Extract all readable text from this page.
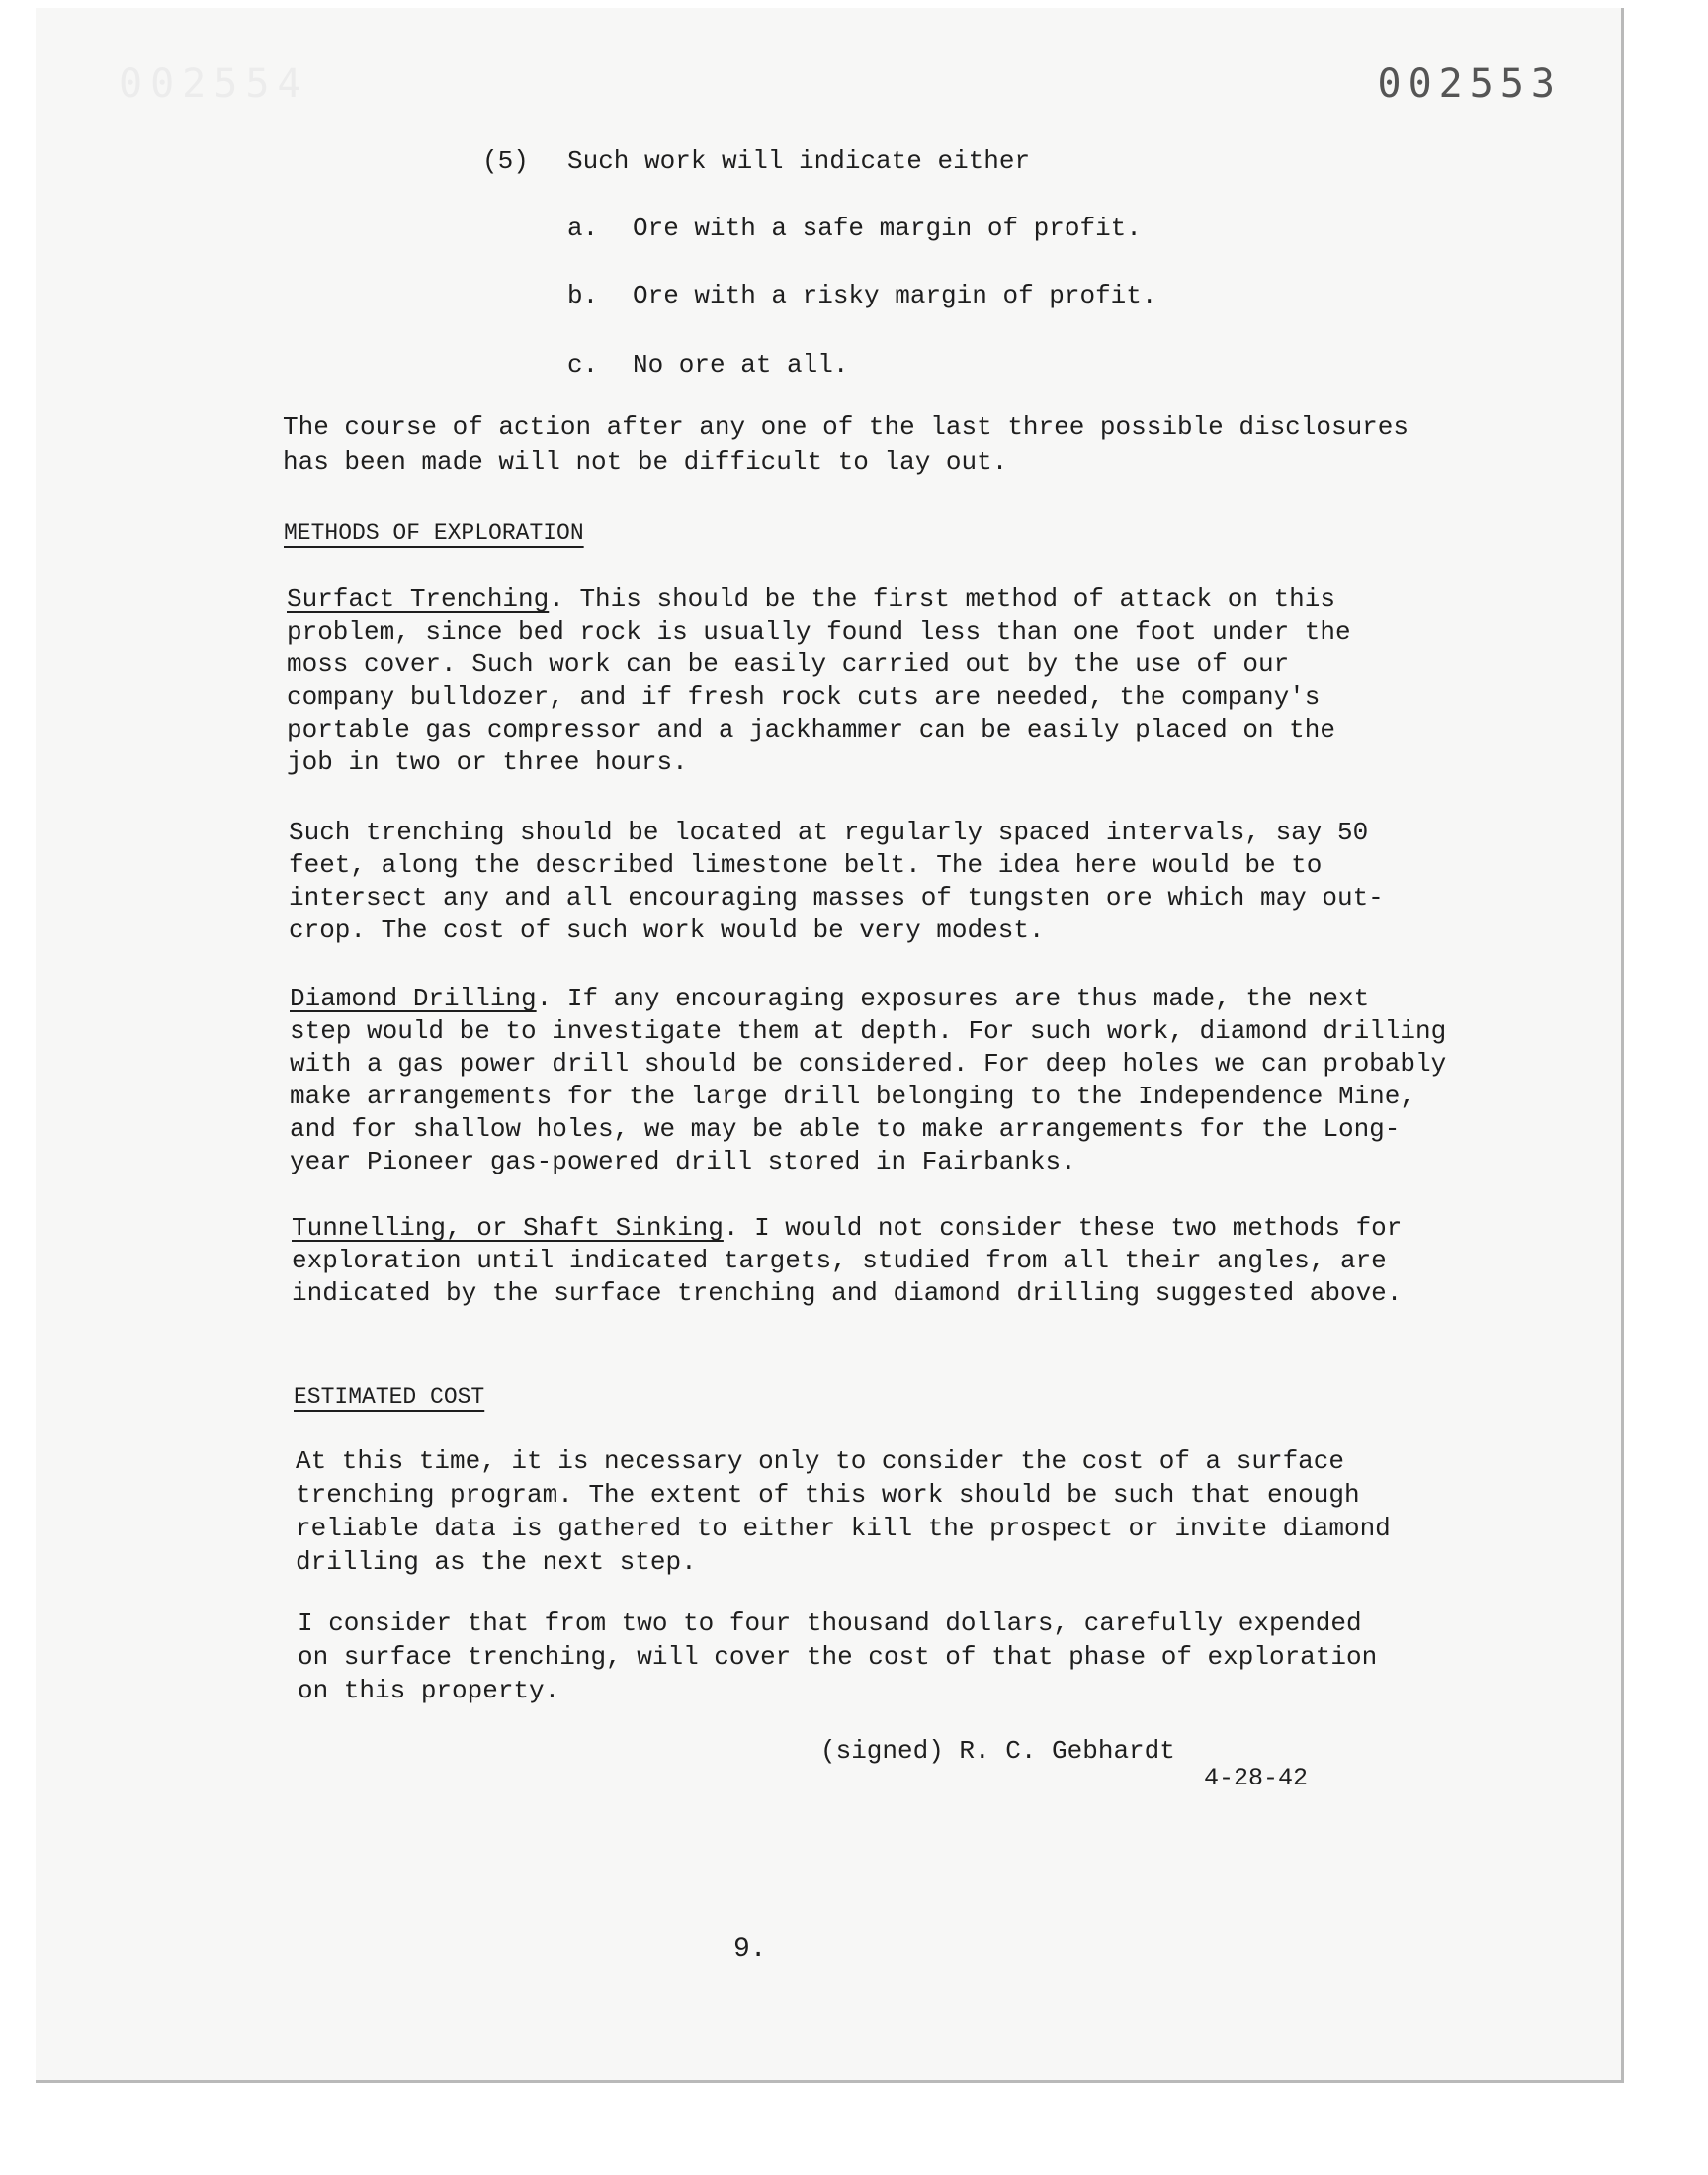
002554	002553
(5) Such work will indicate either
a. Ore with a safe margin of profit.
b. Ore with a risky margin of profit.
c. No ore at all.
The course of action after any one of the last three possible disclosures
has been made will not be difficult to lay out.
METHODS OF EXPLORATION
Surfact Trenching. This should be the first method of attack on this
problem, since bed rock is usually found less than one foot under the
moss cover. Such work can be easily carried out by the use of our
company bulldozer, and if fresh rock cuts are needed, the company's
portable gas compressor and a jackhammer can be easily placed on the
job in two or three hours.
Such trenching should be located at regularly spaced intervals, say 50
feet, along the described limestone belt. The idea here would be to
intersect any and all encouraging masses of tungsten ore which may out-
crop. The cost of such work would be very modest.
Diamond Drilling. If any encouraging exposures are thus made, the next
step would be to investigate them at depth. For such work, diamond drilling
with a gas power drill should be considered. For deep holes we can probably
make arrangements for the large drill belonging to the Independence Mine,
and for shallow holes, we may be able to make arrangements for the Long-
year Pioneer gas-powered drill stored in Fairbanks.
Tunnelling, or Shaft Sinking. I would not consider these two methods for
exploration until indicated targets, studied from all their angles, are
indicated by the surface trenching and diamond drilling suggested above.
ESTIMATED COST
At this time, it is necessary only to consider the cost of a surface
trenching program. The extent of this work should be such that enough
reliable data is gathered to either kill the prospect or invite diamond
drilling as the next step.
I consider that from two to four thousand dollars, carefully expended
on surface trenching, will cover the cost of that phase of exploration
on this property.
(signed) R. C. Gebhardt
4-28-42
9.
